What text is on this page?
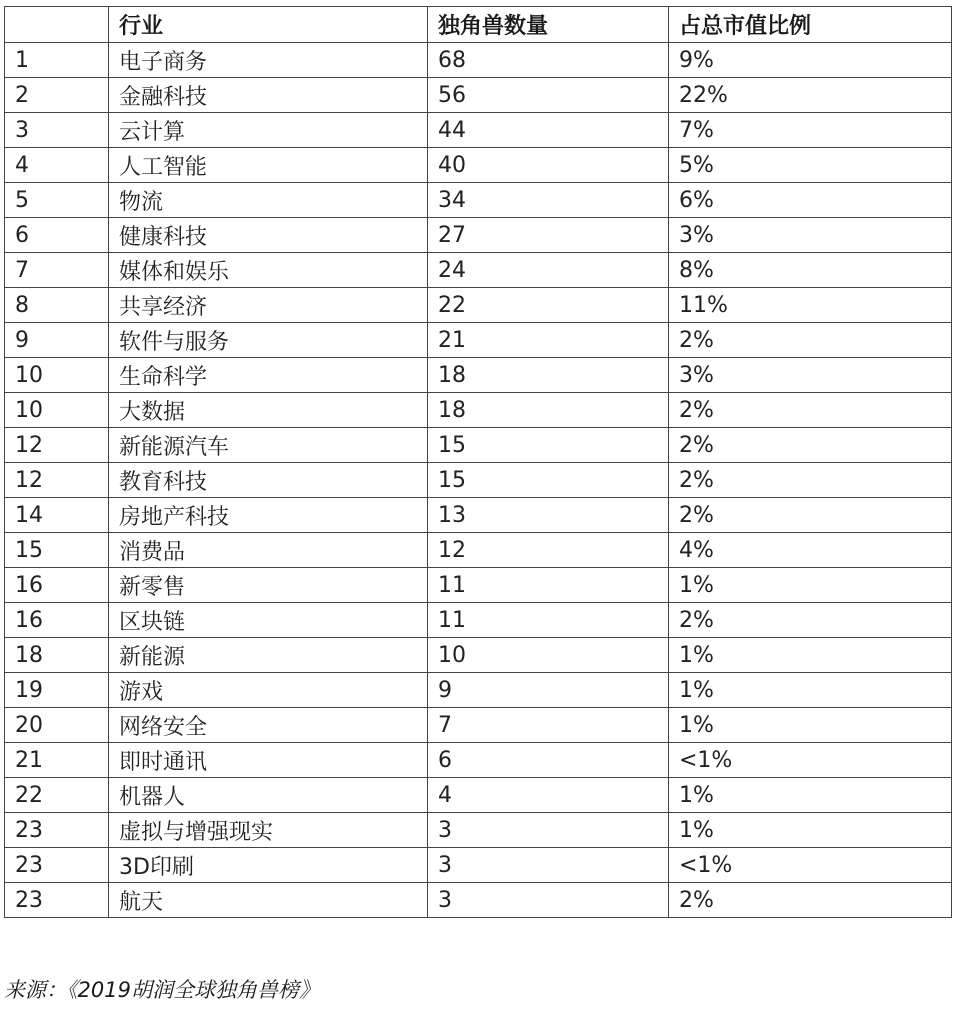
	行业	独角兽数量	占总市值比例
1	电子商务	68	9%
2	金融科技	56	22%
3	云计算	44	7%
4	人工智能	40	5%
5	物流	34	6%
6	健康科技	27	3%
7	媒体和娱乐	24	8%
8	共享经济	22	11%
9	软件与服务	21	2%
10	生命科学	18	3%
10	大数据	18	2%
12	新能源汽车	15	2%
12	教育科技	15	2%
14	房地产科技	13	2%
15	消费品	12	4%
16	新零售	11	1%
16	区块链	11	2%
18	新能源	10	1%
19	游戏	9	1%
20	网络安全	7	1%
21	即时通讯	6	<1%
22	机器人	4	1%
23	虚拟与增强现实	3	1%
23	3D印刷	3	<1%
23	航天	3	2%
来源：《2019胡润全球独角兽榜》
